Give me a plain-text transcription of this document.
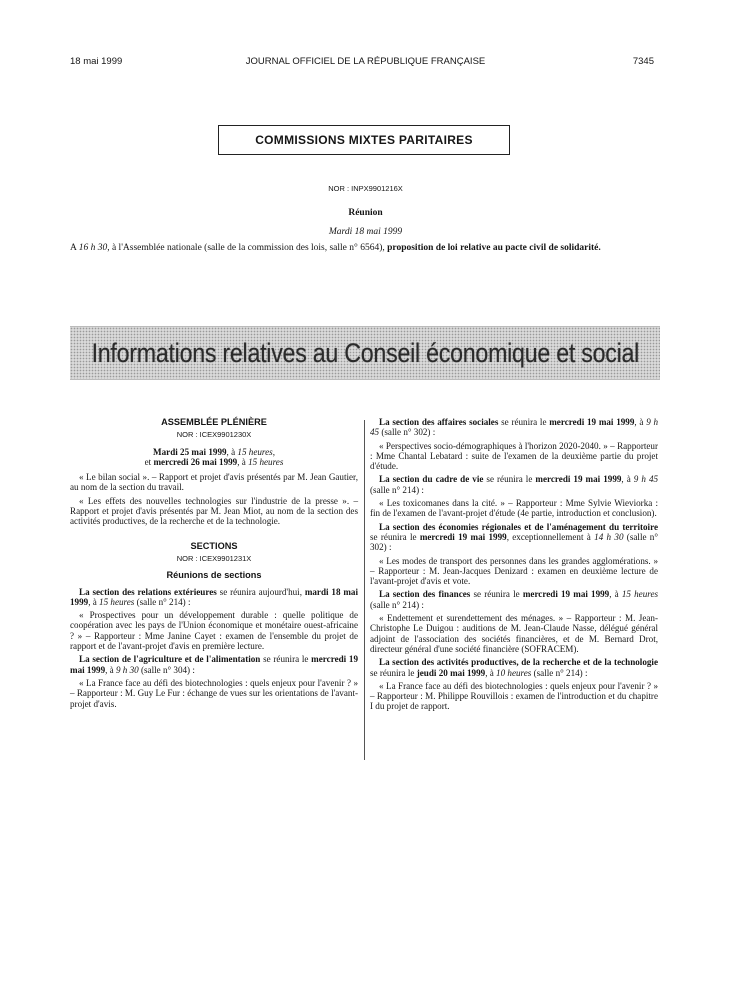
18 mai 1999	JOURNAL OFFICIEL DE LA RÉPUBLIQUE FRANÇAISE	7345
COMMISSIONS MIXTES PARITAIRES
NOR : INPX9901216X
Réunion
Mardi 18 mai 1999
A 16 h 30, à l'Assemblée nationale (salle de la commission des lois, salle n° 6564), proposition de loi relative au pacte civil de solidarité.
Informations relatives au Conseil économique et social

ASSEMBLÉE PLÉNIÈRE

NOR : ICEX9901230X

Mardi 25 mai 1999, à 15 heures,
et mercredi 26 mai 1999, à 15 heures

« Le bilan social ». – Rapport et projet d'avis présentés par M. Jean Gautier, au nom de la section du travail.

« Les effets des nouvelles technologies sur l'industrie de la presse ». – Rapport et projet d'avis présentés par M. Jean Miot, au nom de la section des activités productives, de la recherche et de la technologie.

SECTIONS

NOR : ICEX9901231X

Réunions de sections

La section des relations extérieures se réunira aujourd'hui, mardi 18 mai 1999, à 15 heures (salle n° 214) :

« Prospectives pour un développement durable : quelle politique de coopération avec les pays de l'Union économique et monétaire ouest-africaine ? » – Rapporteur : Mme Janine Cayet : examen de l'ensemble du projet de rapport et de l'avant-projet d'avis en première lecture.

La section de l'agriculture et de l'alimentation se réunira le mercredi 19 mai 1999, à 9 h 30 (salle n° 304) :

« La France face au défi des biotechnologies : quels enjeux pour l'avenir ? » – Rapporteur : M. Guy Le Fur : échange de vues sur les orientations de l'avant-projet d'avis.

La section des affaires sociales se réunira le mercredi 19 mai 1999, à 9 h 45 (salle n° 302) :

« Perspectives socio-démographiques à l'horizon 2020-2040. » – Rapporteur : Mme Chantal Lebatard : suite de l'examen de la deuxième partie du projet d'étude.

La section du cadre de vie se réunira le mercredi 19 mai 1999, à 9 h 45 (salle n° 214) :

« Les toxicomanes dans la cité. » – Rapporteur : Mme Sylvie Wieviorka : fin de l'examen de l'avant-projet d'étude (4e partie, introduction et conclusion).

La section des économies régionales et de l'aménagement du territoire se réunira le mercredi 19 mai 1999, exceptionnellement à 14 h 30 (salle n° 302) :

« Les modes de transport des personnes dans les grandes agglomérations. » – Rapporteur : M. Jean-Jacques Denizard : examen en deuxième lecture de l'avant-projet d'avis et vote.

La section des finances se réunira le mercredi 19 mai 1999, à 15 heures (salle n° 214) :

« Endettement et surendettement des ménages. » – Rapporteur : M. Jean-Christophe Le Duigou : auditions de M. Jean-Claude Nasse, délégué général adjoint de l'association des sociétés financières, et de M. Bernard Drot, directeur général d'une société financière (SOFRACEM).

La section des activités productives, de la recherche et de la technologie se réunira le jeudi 20 mai 1999, à 10 heures (salle n° 214) :

« La France face au défi des biotechnologies : quels enjeux pour l'avenir ? » – Rapporteur : M. Philippe Rouvillois : examen de l'introduction et du chapitre I du projet de rapport.
